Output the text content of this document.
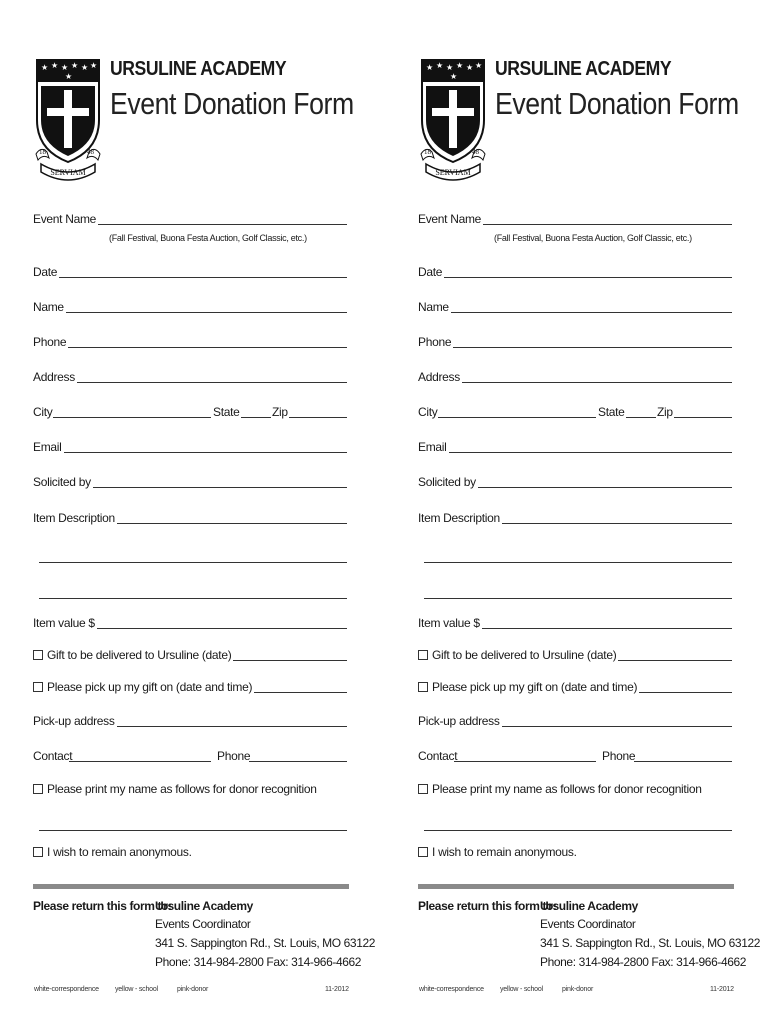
★ ★ ★ ★ ★ ★
★
18	48
SERVIAM
URSULINE ACADEMY
Event Donation Form
Event Name
(Fall Festival, Buona Festa Auction, Golf Classic, etc.)
Date
Name
Phone
Address
City	State	Zip
Email
Solicited by
Item Description
Item value $
Gift to be delivered to Ursuline (date)
Please pick up my gift on (date and time)
Pick-up address
Contact	Phone
Please print my name as follows for donor recognition
I wish to remain anonymous.
Please return this form to:
Ursuline Academy
Events Coordinator
341 S. Sappington Rd., St. Louis, MO 63122
Phone: 314-984-2800 Fax: 314-966-4662
white-correspondence yellow - school	pink-donor	11-2012
★ ★ ★ ★ ★ ★
★
18	48
SERVIAM
URSULINE ACADEMY
Event Donation Form
Event Name
(Fall Festival, Buona Festa Auction, Golf Classic, etc.)
Date
Name
Phone
Address
City	State	Zip
Email
Solicited by
Item Description
Item value $
Gift to be delivered to Ursuline (date)
Please pick up my gift on (date and time)
Pick-up address
Contact	Phone
Please print my name as follows for donor recognition
I wish to remain anonymous.
Please return this form to:
Ursuline Academy
Events Coordinator
341 S. Sappington Rd., St. Louis, MO 63122
Phone: 314-984-2800 Fax: 314-966-4662
white-correspondence yellow - school	pink-donor	11-2012
